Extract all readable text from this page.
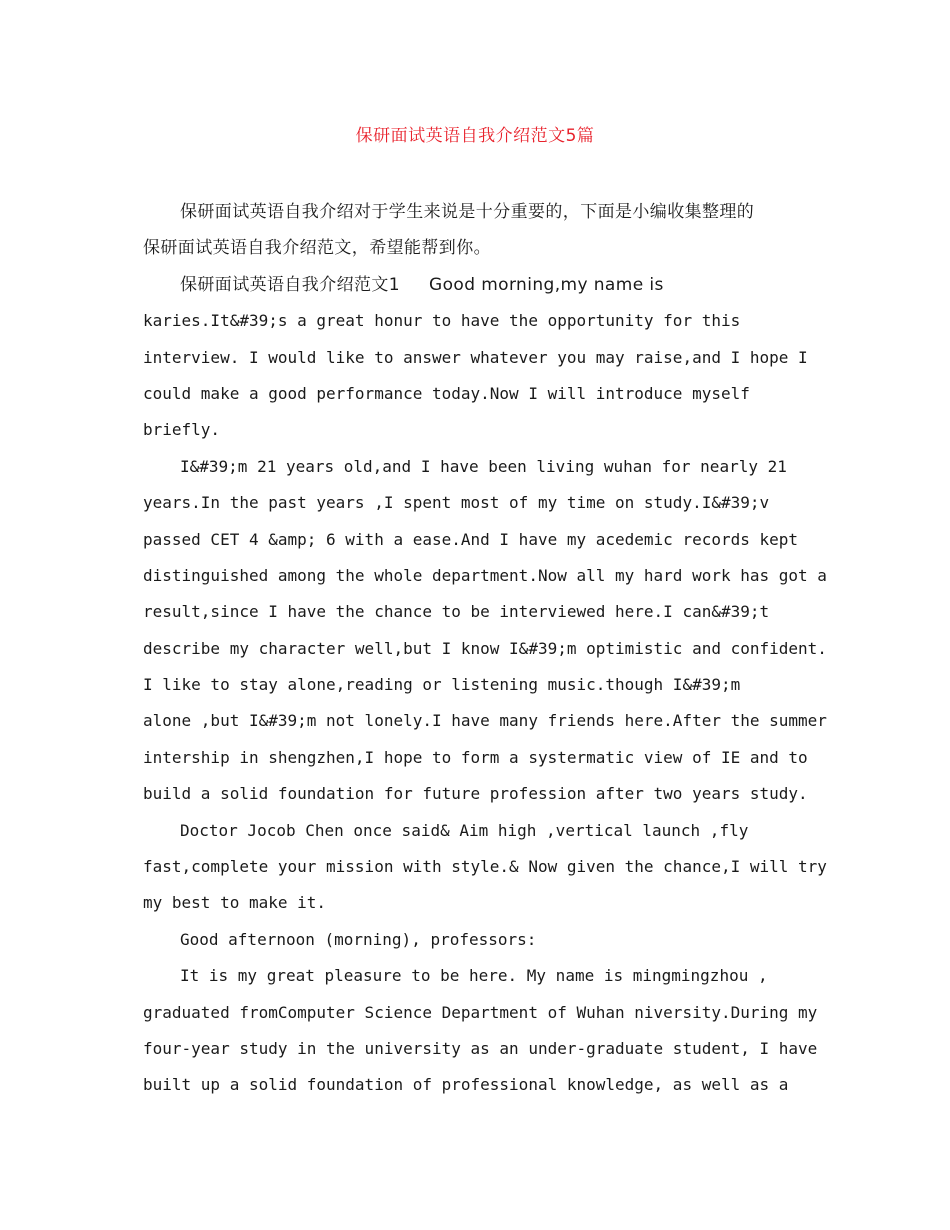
保研面试英语自我介绍范文5篇
保研面试英语自我介绍对于学生来说是十分重要的，下面是小编收集整理的
保研面试英语自我介绍范文，希望能帮到你。
保研面试英语自我介绍范文1     Good morning,my name is
karies.It&#39;s a great honur to have the opportunity for this
interview. I would like to answer whatever you may raise,and I hope I
could make a good performance today.Now I will introduce myself
briefly.
I&#39;m 21 years old,and I have been living wuhan for nearly 21
years.In the past years ,I spent most of my time on study.I&#39;v
passed CET 4 &amp; 6 with a ease.And I have my acedemic records kept
distinguished among the whole department.Now all my hard work has got a
result,since I have the chance to be interviewed here.I can&#39;t
describe my character well,but I know I&#39;m optimistic and confident.
I like to stay alone,reading or listening music.though I&#39;m
alone ,but I&#39;m not lonely.I have many friends here.After the summer
intership in shengzhen,I hope to form a systermatic view of IE and to
build a solid foundation for future profession after two years study.
Doctor Jocob Chen once said& Aim high ,vertical launch ,fly
fast,complete your mission with style.& Now given the chance,I will try
my best to make it.
Good afternoon (morning), professors:
It is my great pleasure to be here. My name is mingmingzhou ,
graduated fromComputer Science Department of Wuhan niversity.During my
four-year study in the university as an under-graduate student, I have
built up a solid foundation of professional knowledge, as well as a
